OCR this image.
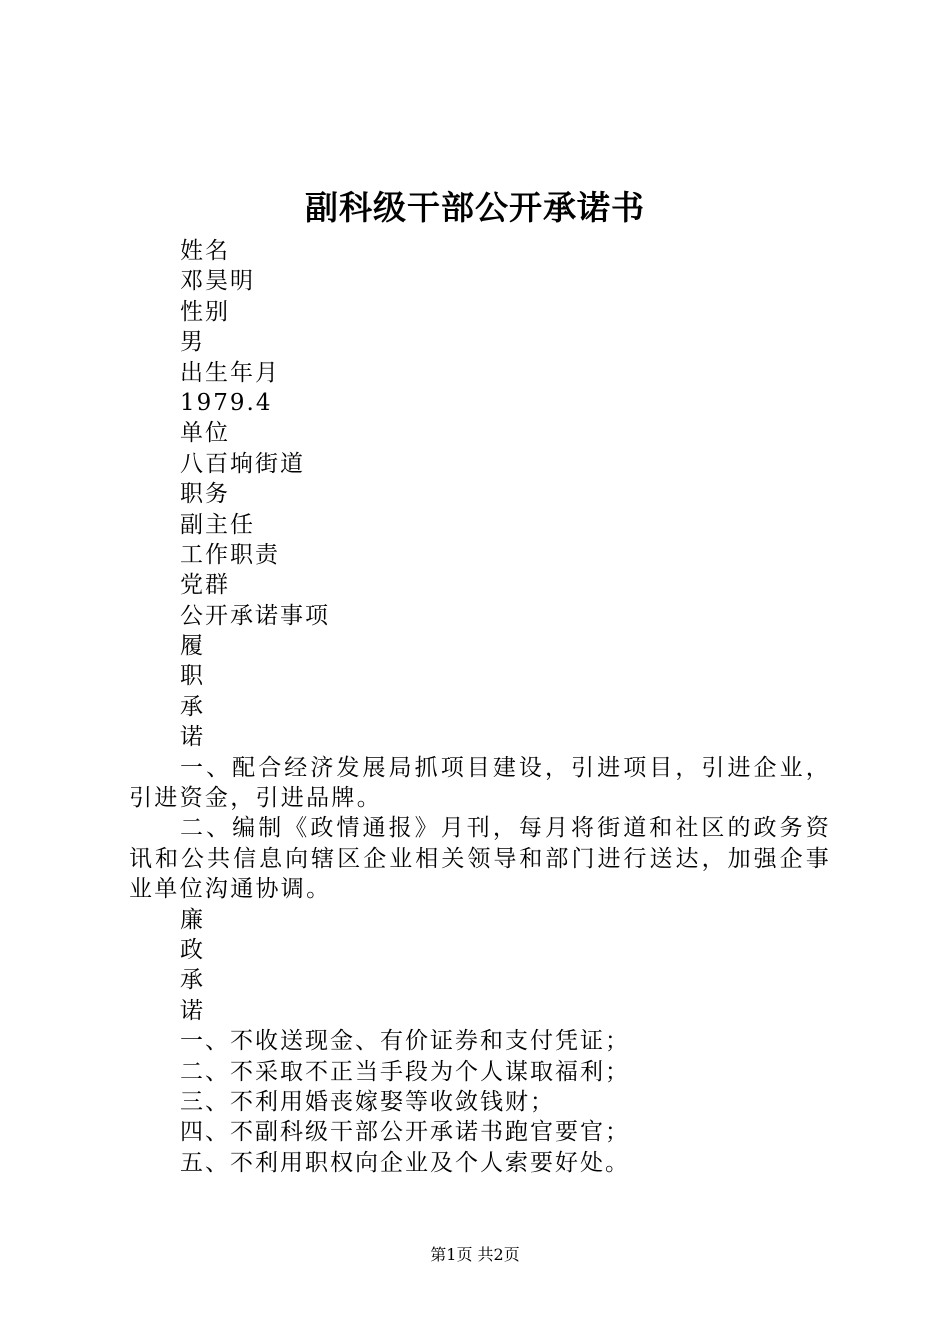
副科级干部公开承诺书
姓名
邓昊明
性别
男
出生年月
1979.4
单位
八百垧街道
职务
副主任
工作职责
党群
公开承诺事项
履
职
承
诺

一、配合经济发展局抓项目建设，引进项目，引进企业，引进资金，引进品牌。

二、编制《政情通报》月刊，每月将街道和社区的政务资讯和公共信息向辖区企业相关领导和部门进行送达，加强企事业单位沟通协调。

廉
政
承
诺
一、不收送现金、有价证券和支付凭证；
二、不采取不正当手段为个人谋取福利；
三、不利用婚丧嫁娶等收敛钱财；
四、不副科级干部公开承诺书跑官要官；
五、不利用职权向企业及个人索要好处。
第1页 共2页
